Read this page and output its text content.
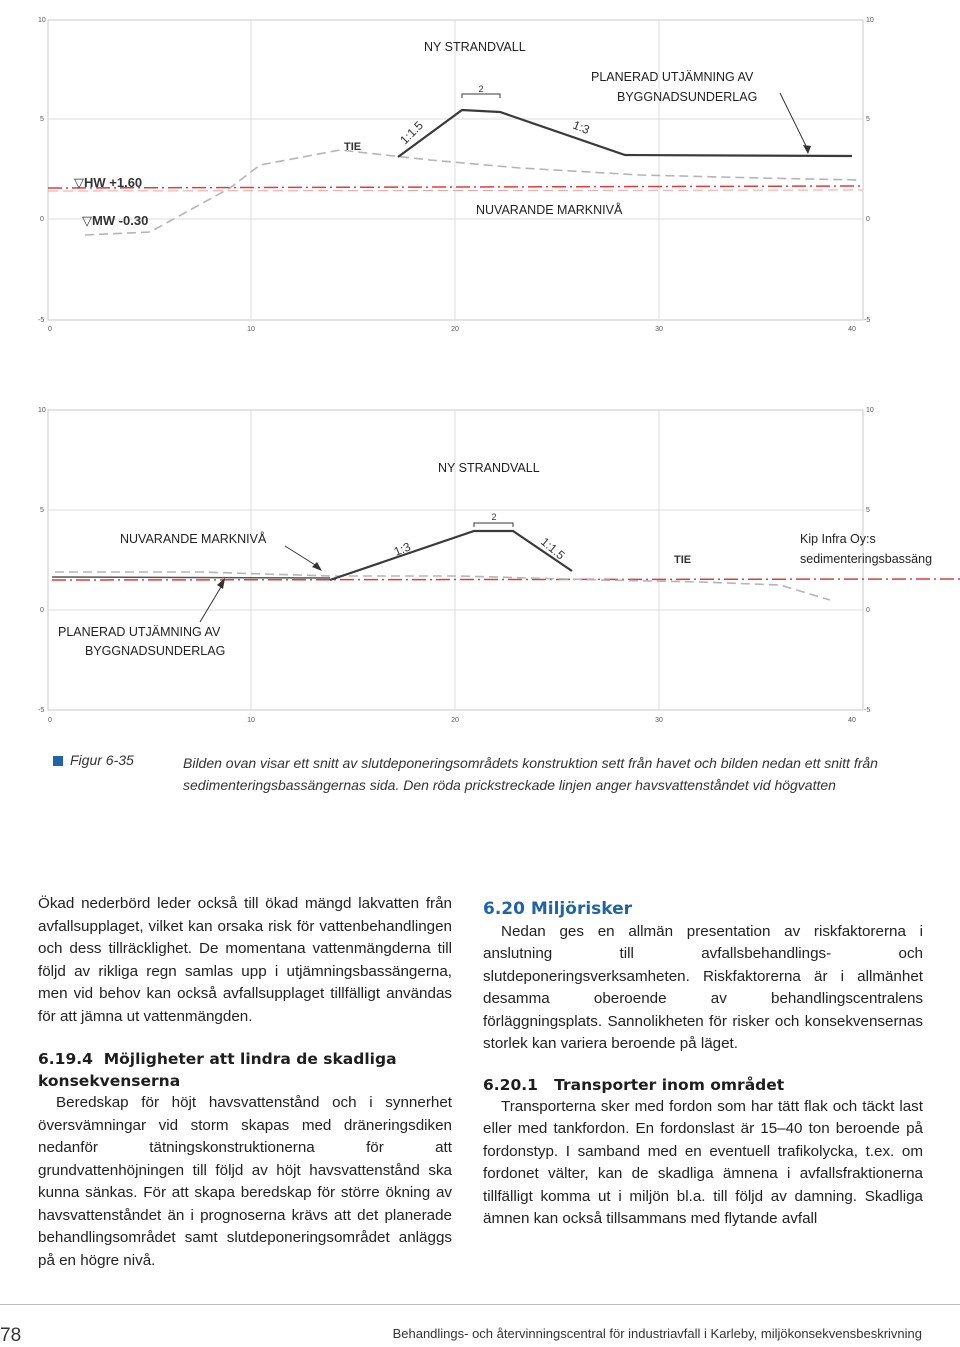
10
5
0
-5
10
5
0
-5
0	10	20	30	40
2
1:1.5	1:3
TIE
▽HW +1.60
▽MW -0.30
NY STRANDVALL
PLANERAD UTJÄMNING AV
BYGGNADSUNDERLAG
NUVARANDE MARKNIVÅ
10
5
0
-5
10
5
0
-5
0	10	20	30	40
2
1:3	1:1.5	TIE
NY STRANDVALL
NUVARANDE MARKNIVÅ	Kip Infra Oy:s
sedimenteringsbassäng
PLANERAD UTJÄMNING AV
BYGGNADSUNDERLAG
Figur 6-35	Bilden ovan visar ett snitt av slutdeponeringsområdets konstruktion sett från havet och bilden nedan ett snitt från sedimenteringsbassängernas sida. Den röda prickstreckade linjen anger havsvattenståndet vid högvatten

Ökad nederbörd leder också till ökad mängd lakvatten från avfallsupplaget, vilket kan orsaka risk för vattenbehandlingen och dess tillräcklighet. De momentana vattenmängderna till följd av rikliga regn samlas upp i utjämningsbassängerna, men vid behov kan också avfallsupplaget tillfälligt användas för att jämna ut vattenmängden.

6.19.4 Möjligheter att lindra de skadliga konsekvenserna

Beredskap för höjt havsvattenstånd och i synnerhet översvämningar vid storm skapas med dräneringsdiken nedanför tätningskonstruktionerna för att grundvattenhöjningen till följd av höjt havsvattenstånd ska kunna sänkas. För att skapa beredskap för större ökning av havsvattenståndet än i prognoserna krävs att det planerade behandlingsområdet samt slutdeponeringsområdet anläggs på en högre nivå.

6.20 Miljörisker

Nedan ges en allmän presentation av riskfaktorerna i anslutning till avfallsbehandlings- och slutdeponeringsverksamheten. Riskfaktorerna är i allmänhet desamma oberoende av behandlingscentralens förläggningsplats. Sannolikheten för risker och konsekvensernas storlek kan variera beroende på läget.

6.20.1 Transporter inom området

Transporterna sker med fordon som har tätt flak och täckt last eller med tankfordon. En fordonslast är 15–40 ton beroende på fordonstyp. I samband med en eventuell trafikolycka, t.ex. om fordonet välter, kan de skadliga ämnena i avfallsfraktionerna tillfälligt komma ut i miljön bl.a. till följd av damning. Skadliga ämnen kan också tillsammans med flytande avfall

78	Behandlings- och återvinningscentral för industriavfall i Karleby, miljökonsekvensbeskrivning
